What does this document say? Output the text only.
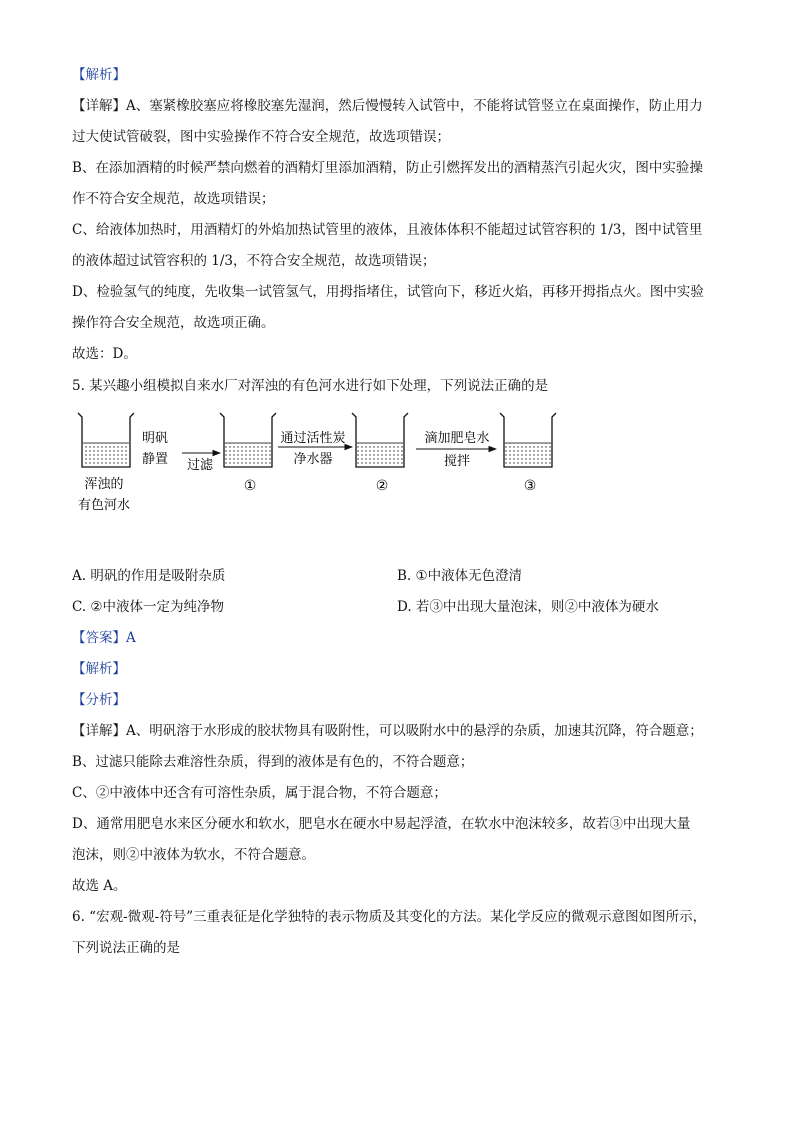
【解析】
【详解】A、塞紧橡胶塞应将橡胶塞先湿润，然后慢慢转入试管中，不能将试管竖立在桌面操作，防止用力
过大使试管破裂，图中实验操作不符合安全规范，故选项错误；
B、在添加酒精的时候严禁向燃着的酒精灯里添加酒精，防止引燃挥发出的酒精蒸汽引起火灾，图中实验操
作不符合安全规范，故选项错误；
C、给液体加热时，用酒精灯的外焰加热试管里的液体，且液体体积不能超过试管容积的 1/3，图中试管里
的液体超过试管容积的 1/3，不符合安全规范，故选项错误；
D、检验氢气的纯度，先收集一试管氢气，用拇指堵住，试管向下，移近火焰，再移开拇指点火。图中实验
操作符合安全规范，故选项正确。
故选：D。
5. 某兴趣小组模拟自来水厂对浑浊的有色河水进行如下处理，下列说法正确的是
浑浊的
有色河水
明矾
静置 过滤
①
通过活性炭
净水器
②
滴加肥皂水
搅拌
③
A. 明矾的作用是吸附杂质	B. ①中液体无色澄清
C. ②中液体一定为纯净物	D. 若③中出现大量泡沫，则②中液体为硬水
【答案】A
【解析】
【分析】
【详解】A、明矾溶于水形成的胶状物具有吸附性，可以吸附水中的悬浮的杂质，加速其沉降，符合题意；
B、过滤只能除去难溶性杂质，得到的液体是有色的，不符合题意；
C、②中液体中还含有可溶性杂质，属于混合物，不符合题意；
D、通常用肥皂水来区分硬水和软水，肥皂水在硬水中易起浮渣，在软水中泡沫较多，故若③中出现大量
泡沫，则②中液体为软水，不符合题意。
故选 A。
6. “宏观-微观-符号”三重表征是化学独特的表示物质及其变化的方法。某化学反应的微观示意图如图所示，
下列说法正确的是
